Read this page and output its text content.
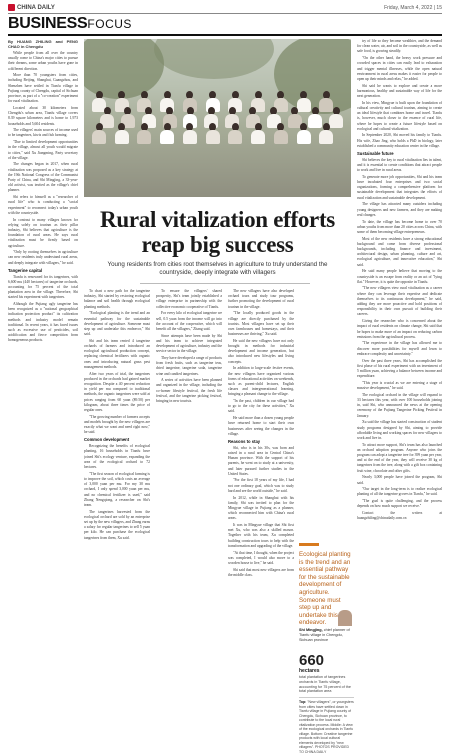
CHINA DAILY	Friday, March 4, 2022 | 15
BUSINESSFOCUS

By HUANG ZHILING and PENG CHAO in Chengdu

While people from all over the country usually come to China's major cities to pursue their dreams, some urban youths have gone in a different direction.

More than 70 youngsters from cities, including Beijing, Shanghai, Guangzhou, and Shenzhen have settled in Tianfu village in Pujiang county of Chengdu, capital of Sichuan province, as part of a "co-creation" experiment for rural vitalization.

Located about 30 kilometers from Chengdu's urban area, Tianfu village covers 8.39 square kilometers and is home to 1,973 households and 5,604 residents.

The villagers' main sources of income used to be tangerines, kiwis and fish farming.

"Due to limited development opportunities in the village, almost all youth would migrate to cities," said Xu Jiangming, Party secretary of the village.

The changes began in 2017, when rural vitalization was proposed as a key strategy at the 19th National Congress of the Communist Party of China, and Shi Mingjing, a 33-year-old activist, was invited as the village's chief planner.

Shi refers to himself as a "researcher of rural life" who is conducting a "social experiment" to reconnect today's urban youth with the countryside.

In contrast to many villages known for relying solely on tourism as their pillar industry, Shi believes that agriculture is the foundation of rural areas. He says rural vitalization must be firmly based on agriculture.

"Only by rooting themselves in agriculture can new residents truly understand rural areas, and deeply integrate with villagers," he said.

Tangerine capital

Tianfu is renowned for its tangerines, with 6,600 mu (440 hectares) of tangerine orchards, accounting for 75 percent of the total plantation area in the village. Therefore, Shi started his experiment with tangerines.

Although the Pujiang ugly tangerine has been recognized as a "national geographical indication protection product" its cultivation methods and industry model remain traditional. In recent years, it has faced issues such as excessive use of pesticides, soil acidification and fierce competition from homogeneous products.

Rural vitalization efforts reap big success
Young residents from cities root themselves in agriculture to truly understand the countryside, deeply integrate with villagers

To chart a new path for the tangerine industry, Shi started by restoring ecological balance and soil health through ecological planting methods.

"Ecological planting is the trend and an essential pathway for the sustainable development of agriculture. Someone must step up and undertake this endeavor," Shi said.

Shi and his team rented 4 tangerine orchards of farmers and introduced an ecological agricultural production concept, replacing chemical fertilizers with organic ones and introducing natural grass pest management methods.

After two years of trial, the tangerines produced in the orchards had gained market recognition. Despite a 40 percent reduction in yield per mu compared to traditional methods, the organic tangerines were sold at prices ranging from 60 yuan ($9.50) per kilogram, about three times the price of regular ones.

"The growing number of farmers accepts and models brought by the new villagers are exactly what we want and need right now," he said.

Common development

Recognizing the benefits of ecological planting, 16 households in Tianfu have joined Shi's ecology venture, expanding the area of the ecological orchard to 72 hectares.

"The first season of ecological farming is to improve the soil, which costs an average of 3,000 yuan per mu. For my 30 mu orchard, I only spend 3,000 yuan per mu, and no chemical fertilizer is used," said Zhang Nengqiong, a researcher on Shi's team.

The tangerines harvested from the ecological orchard are sold by an enterprise set up by the new villagers, and Zhang earns a salary for regular tangerines to sell 5 yuan per kilo. He can purchase the ecological tangerines from them, Xu said.

To ensure the villagers' shared prosperity, Shi's team jointly established a village enterprise in partnership with the collective economic cooperative of Tianfu.

For every kilo of ecological tangerine we sell, 0.5 yuan from the income will go into the account of the cooperative, which will benefit all the villagers," Zhang said.

Since attempts have been made by Shi and his team to achieve integrated development of agriculture, industry and the service sector in the village.

They have developed a range of products from fresh fruits, such as tangerine teas, dried tangerine, tangerine soda, tangerine wine and candied tangerines.

A series of activities have been planned and organized in the village, including the co-farmer lifestyle festival, the fresh life festival, and the tangerine picking festival, bringing in new tourists.

The new villagers have also developed orchard tours and study tour programs, further promoting the development of rural tourism in the village.

"The locally produced goods in the village are directly purchased by the tourists. Most villagers have set up their own farmhouses and homestays, and their businesses are thriving," Xu said.

He said the new villagers have not only brought in methods for industrial development and income generation, but also introduced new lifestyles and living concepts.

In addition to large-scale festive events, the new villagers have organized various forms of educational activities on weekends, such as parent-child lectures, English classes and intergenerational learning, bringing a pleasant change to the village.

"In the past, children in our village had to go to the city for these activities," Xu said.

He said more than a dozen young people have returned home to start their own businesses after seeing the changes in the village.

Reasons to stay

Shi, who is in his 30s, was born and raised in a rural area in Central China's Hunan province. With the support of his parents, he went on to study at a university, and later pursued further studies in the United States.

"For the first 18 years of my life, I had not one ordinary goal, which was to study hard and see the world outside," he said.

In 2012, while in Shanghai with his family, Shi was invited to plan for the Mingyue village in Pujiang as a planner, which reconnected him with China's rural areas.

It was in Mingyue village that Shi first met Xu, who was also a skilled mason. Together with his team, Xu completed building construction tours to help with the transformation and upgrading of the village.

"At that time, I thought, when the project was completed, I would also move to a wooden house to live," he said.

Shi said that most new villagers are from the middle class.

try of life so they become wealthier, and the demand for clean water, air, and soil in the countryside, as well as safe food, is growing steadily.

"On the other hand, the heavy work pressure and crowded spaces in cities can easily lead to exhaustion and trigger mental illnesses, while the open natural environment in rural areas makes it easier for people to open up their minds and relax," he added.

Shi said he wants to explore and create a more harmonious, healthy and sustainable way of life for the next generation.

In his view, Mingyue is built upon the foundation of cultural creativity and cultural tourism, aiming to create an ideal lifestyle that combines home and travel. Tianfu is, however, much closer to the essence of rural life, where he hopes to create a future lifestyle based on ecological and cultural vitalization.

In September 2020, Shi moved his family to Tianfu. His wife, Zhao Jing, who holds a PhD in biology, later established a community education center in the village.

Sustainable future

Shi believes the key to rural vitalization lies in talent, and it is essential to create conditions that attract people to work and live in rural areas.

To generate more job opportunities, Shi and his team have incubated four enterprises and two social organizations, forming a comprehensive platform for sustainable development that integrates the efforts of rural vitalization and sustainable development.

The village has attracted many outsiders including young designers and new farmers, and they are making real changes.

To date, the village has become home to over 70 urban youths from more than 20 cities across China, with some of them becoming village entrepreneurs.

Most of the new residents have a strong educational background and come from diverse professional backgrounds, including finance and investment, architectural design, urban planning, culture and art, ecological agriculture, and innovative education," Shi said.

He said many people believe that moving to the countryside is an escape from reality or an act of "lying flat." However, it is quite the opposite in Tianfu.

"The new villagers view rural vitalization as a career where they can leverage their expertise and dedicate themselves to its continuous development," he said, adding they are more proactive and hold positions of responsibility in their own pursuit of building their careers.

Giving the researcher who is concerned about the impact of rural residents on climate change, Shi said that he hopes to make more of an impact on reducing carbon emissions from the agricultural process.

"The experience in the village has allowed me to discover more possibilities for myself and learn to embrace complexity and uncertainty."

Over the past three years, Shi has accomplished the first phase of his rural experiment with an investment of 5 million yuan, achieving a balance between income and expenditure.

"This year is crucial as we are entering a stage of massive development," he said.

The ecological orchard in the village will expand to 33 hectares this year, with over 100 households joining in, said Shi, who announced the news at the opening ceremony of the Pujiang Tangerine Picking Festival in January.

Xu said the village has started construction of student study programs designed by Shi, aiming to provide affordable living and working spaces for new villagers to work and live in.

To attract more support, Shi's team has also launched an orchard adoption program. Anyone who joins the program can adopt a tangerine tree for 399 yuan per year, and at the end of the year, they will receive 30 kg of tangerines from the tree, along with a gift box containing fruit wine, chocolate and other gifts.

Nearly 3,000 people have joined the program, Shi said.

"Our target in the long-term is to realize ecological planting of all the tangerine groves in Tianfu," he said.

"The goal is quite challenging, and the process depends on how much support we receive."

Contact the writers at huangzhiling@chinadaily.com.cn

Ecological planting is the trend and an essential pathway for the sustainable development of agriculture. Someone must step up and undertake this endeavor.
Shi Mingjing, chief planner of Tianfu village in Chengdu, Sichuan province
660
hectares
total plantation of tangerines orchards in Tianfu village, accounting for 75 percent of the total plantation area
Top: "New villagers", or youngsters from cities have settled down in Tianfu village in Pujiang county of Chengdu, Sichuan province, to contribute to the local rural vitalization process. Middle: A view of the ecological orchards in Tianfu village. Bottom: Creative tangerine products with local cultural elements developed by "new villagers". PHOTOS PROVIDED TO CHINA DAILY
